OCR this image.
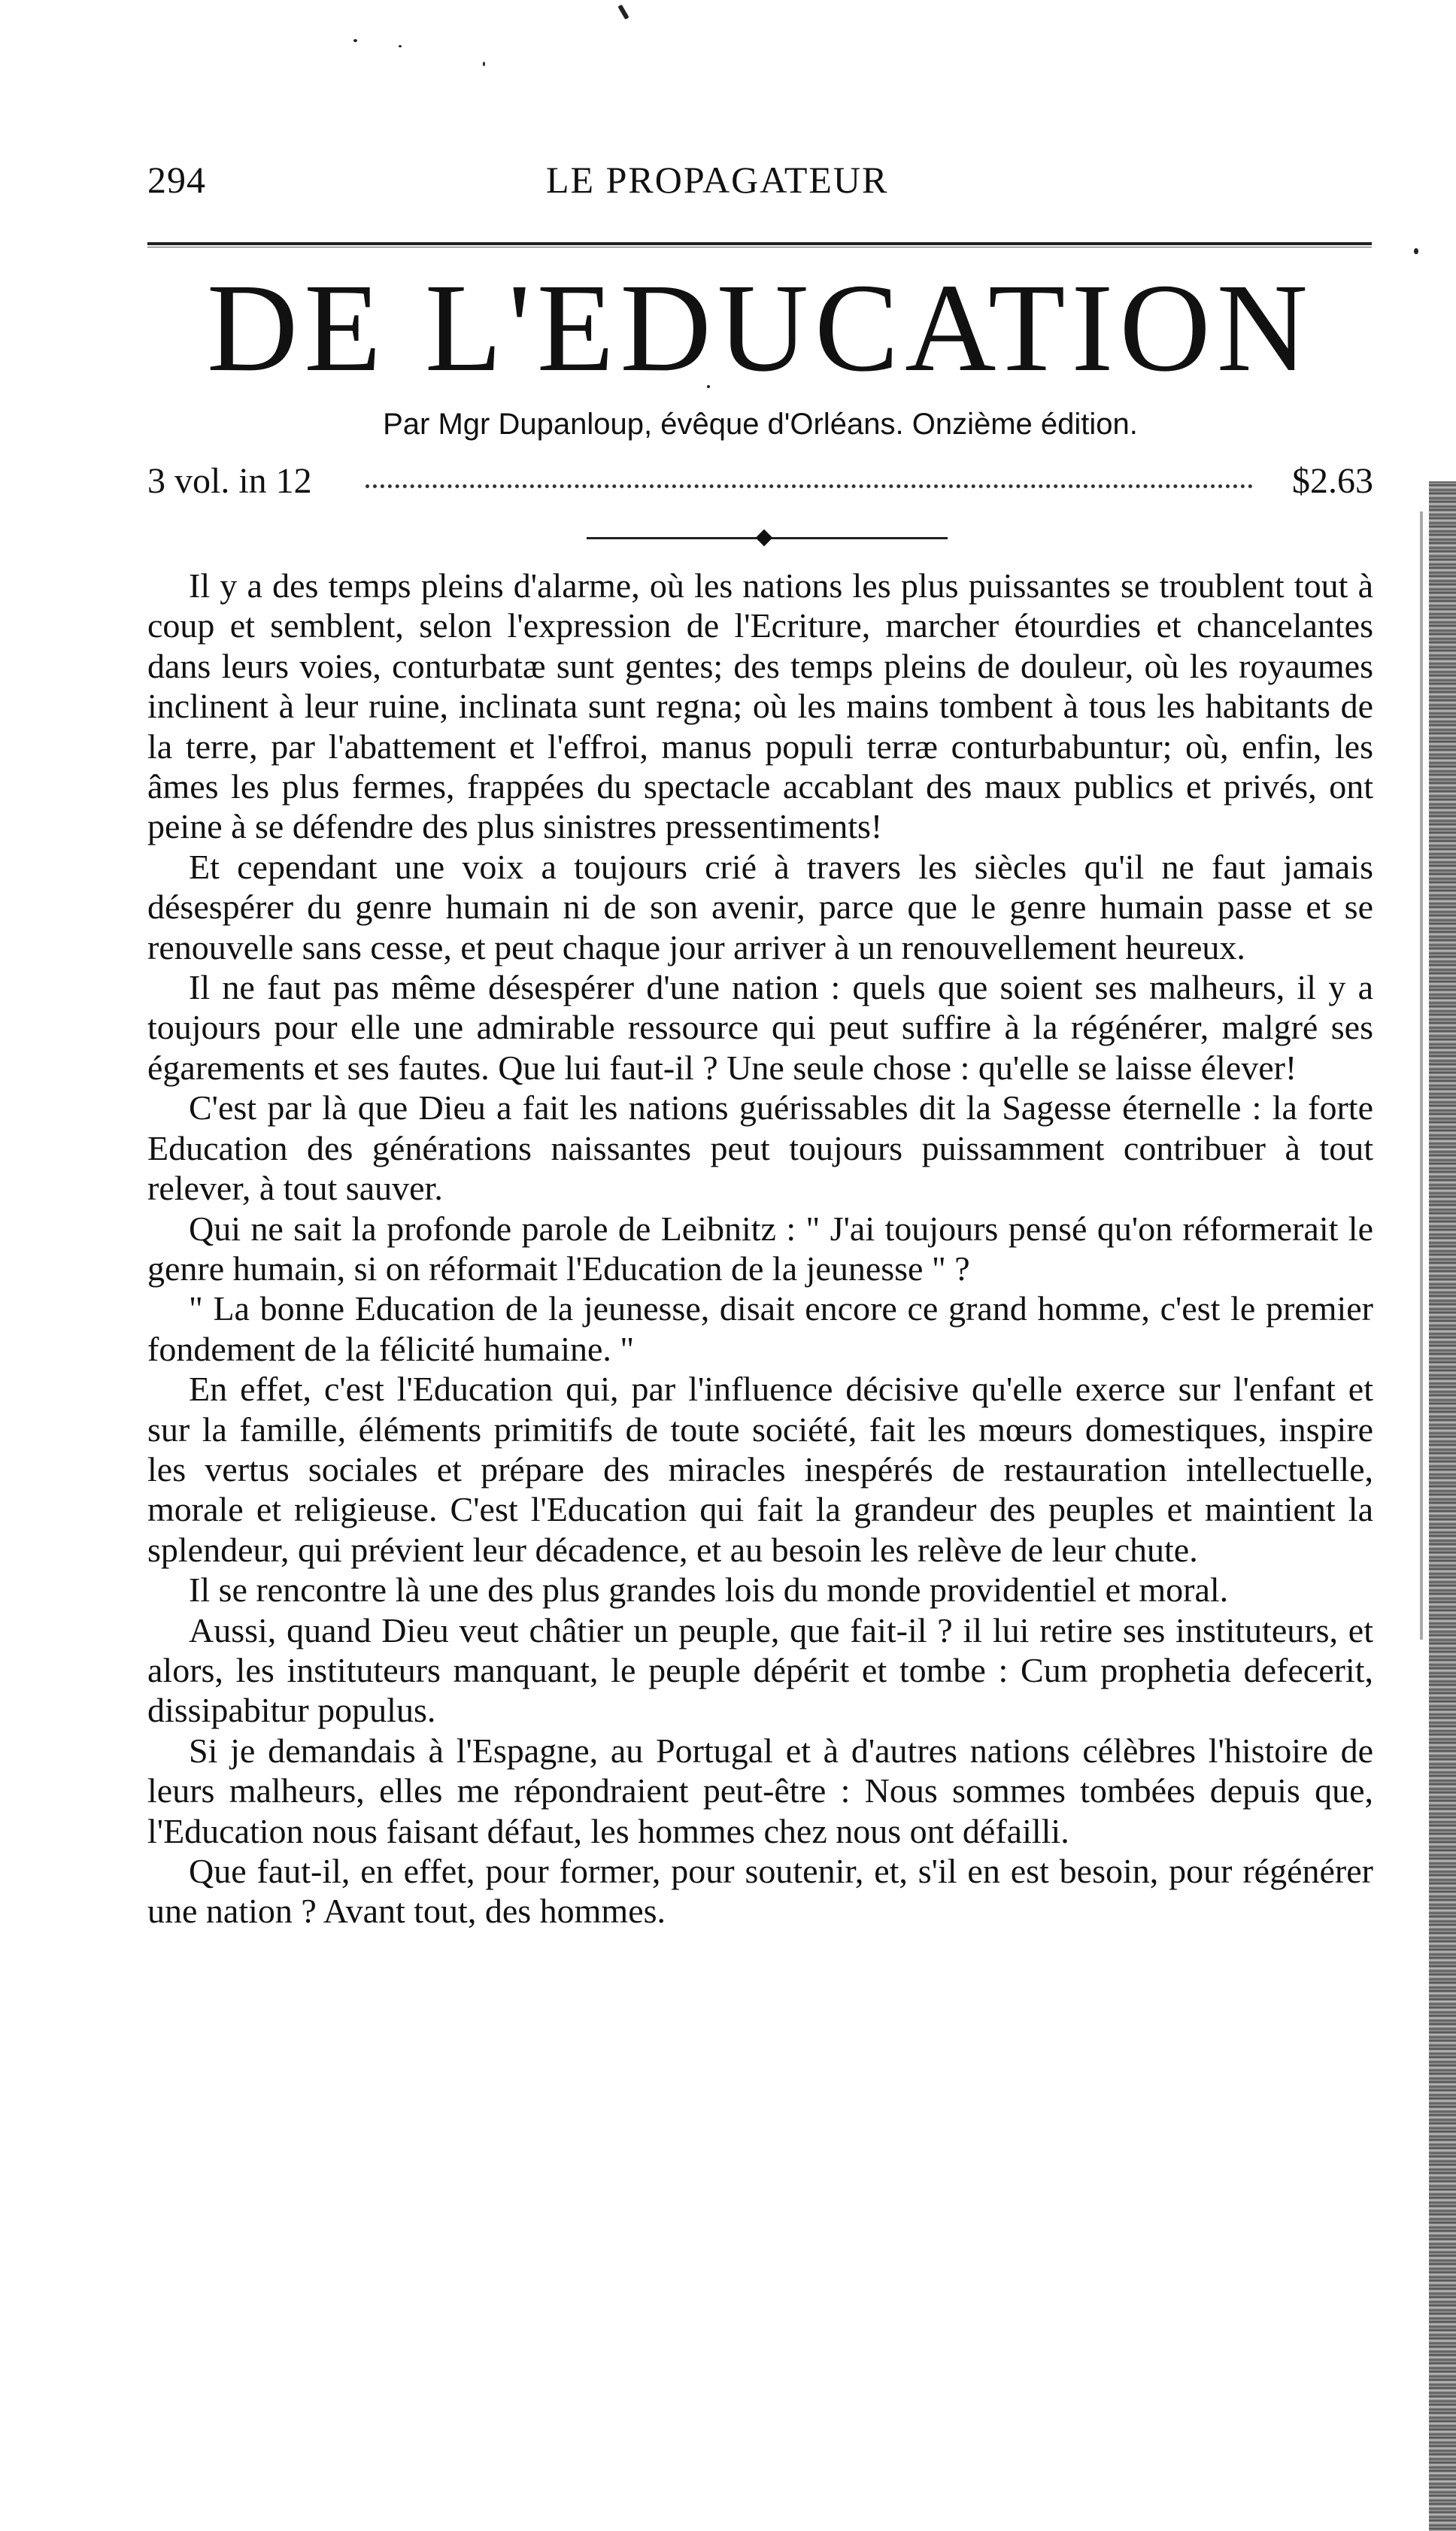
294	LE PROPAGATEUR
DE L'EDUCATION
Par Mgr Dupanloup, évêque d'Orléans. Onzième édition.
3 vol. in 12	$2.63

Il y a des temps pleins d'alarme, où les nations les plus puissantes se troublent tout à coup et semblent, selon l'expression de l'Ecriture, marcher étourdies et chancelantes dans leurs voies, conturbatæ sunt gentes; des temps pleins de douleur, où les royaumes inclinent à leur ruine, inclinata sunt regna; où les mains tombent à tous les habitants de la terre, par l'abattement et l'effroi, manus populi terræ conturbabuntur; où, enfin, les âmes les plus fermes, frappées du spectacle accablant des maux publics et privés, ont peine à se défendre des plus sinistres pressentiments!

Et cependant une voix a toujours crié à travers les siècles qu'il ne faut jamais désespérer du genre humain ni de son avenir, parce que le genre humain passe et se renouvelle sans cesse, et peut chaque jour arriver à un renouvellement heureux.

Il ne faut pas même désespérer d'une nation : quels que soient ses malheurs, il y a toujours pour elle une admirable ressource qui peut suffire à la régénérer, malgré ses égarements et ses fautes. Que lui faut-il ? Une seule chose : qu'elle se laisse élever!

C'est par là que Dieu a fait les nations guérissables dit la Sagesse éternelle : la forte Education des générations naissantes peut toujours puissamment contribuer à tout relever, à tout sauver.

Qui ne sait la profonde parole de Leibnitz : " J'ai toujours pensé qu'on réformerait le genre humain, si on réformait l'Education de la jeunesse " ?

" La bonne Education de la jeunesse, disait encore ce grand homme, c'est le premier fondement de la félicité humaine. "

En effet, c'est l'Education qui, par l'influence décisive qu'elle exerce sur l'enfant et sur la famille, éléments primitifs de toute société, fait les mœurs domestiques, inspire les vertus sociales et prépare des miracles inespérés de restauration intellectuelle, morale et religieuse. C'est l'Education qui fait la grandeur des peuples et maintient la splendeur, qui prévient leur décadence, et au besoin les relève de leur chute.

Il se rencontre là une des plus grandes lois du monde providentiel et moral.

Aussi, quand Dieu veut châtier un peuple, que fait-il ? il lui retire ses instituteurs, et alors, les instituteurs manquant, le peuple dépérit et tombe : Cum prophetia defecerit, dissipabitur populus.

Si je demandais à l'Espagne, au Portugal et à d'autres nations célèbres l'histoire de leurs malheurs, elles me répondraient peut-être : Nous sommes tombées depuis que, l'Education nous faisant défaut, les hommes chez nous ont défailli.

Que faut-il, en effet, pour former, pour soutenir, et, s'il en est besoin, pour régénérer une nation ? Avant tout, des hommes.
